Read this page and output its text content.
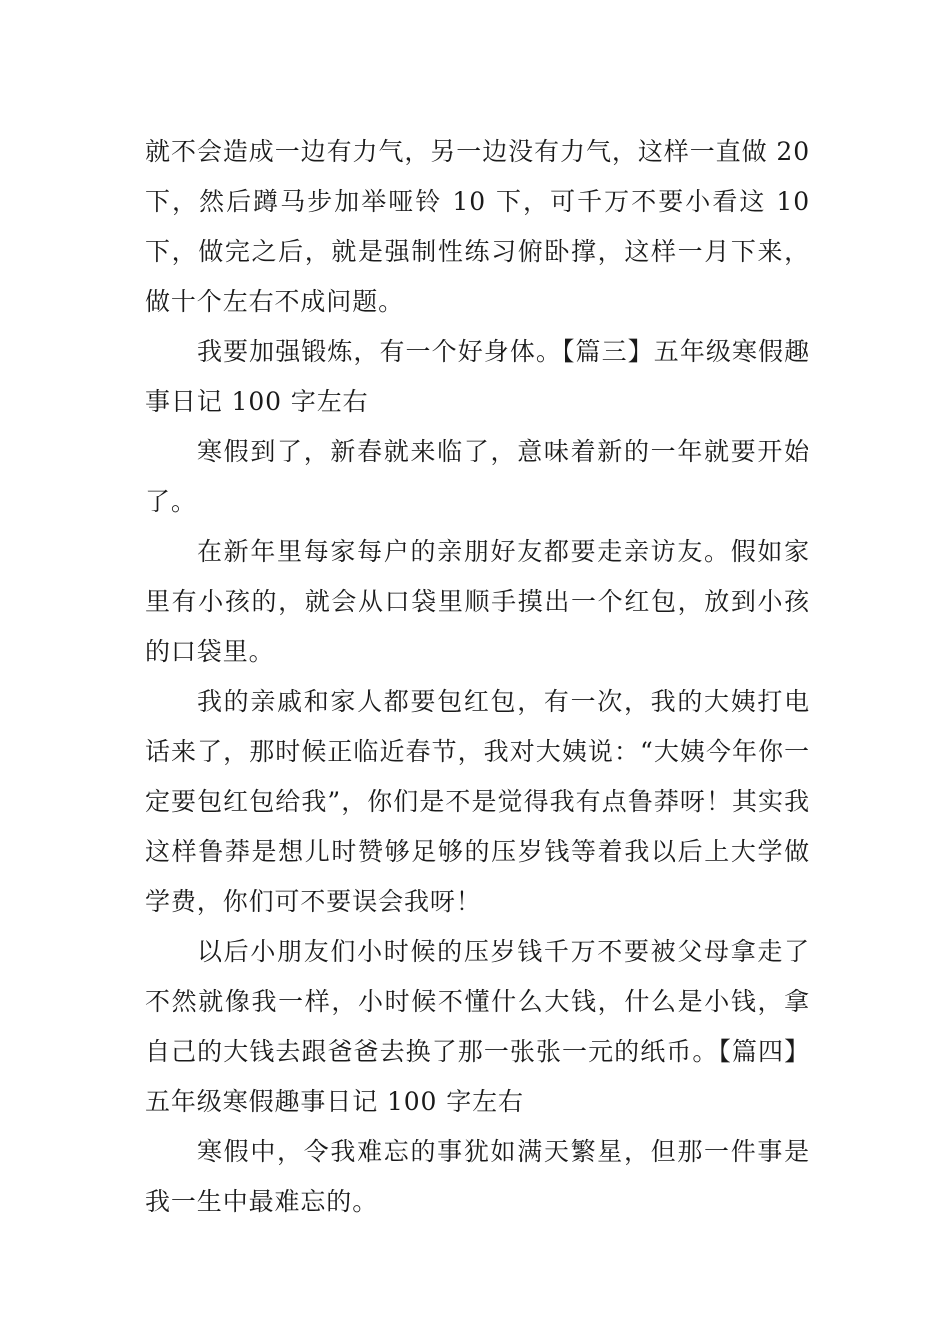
就不会造成一边有力气，另一边没有力气，这样一直做 20 下，然后蹲马步加举哑铃 10 下，可千万不要小看这 10 下，做完之后，就是强制性练习俯卧撑，这样一月下来，做十个左右不成问题。

我要加强锻炼，有一个好身体。【篇三】五年级寒假趣事日记 100 字左右

寒假到了，新春就来临了，意味着新的一年就要开始了。

在新年里每家每户的亲朋好友都要走亲访友。假如家里有小孩的，就会从口袋里顺手摸出一个红包，放到小孩的口袋里。

我的亲戚和家人都要包红包，有一次，我的大姨打电话来了，那时候正临近春节，我对大姨说：“大姨今年你一定要包红包给我”，你们是不是觉得我有点鲁莽呀！其实我这样鲁莽是想儿时赞够足够的压岁钱等着我以后上大学做学费，你们可不要误会我呀！

以后小朋友们小时候的压岁钱千万不要被父母拿走了不然就像我一样，小时候不懂什么大钱，什么是小钱，拿自己的大钱去跟爸爸去换了那一张张一元的纸币。【篇四】五年级寒假趣事日记 100 字左右

寒假中，令我难忘的事犹如满天繁星，但那一件事是我一生中最难忘的。
